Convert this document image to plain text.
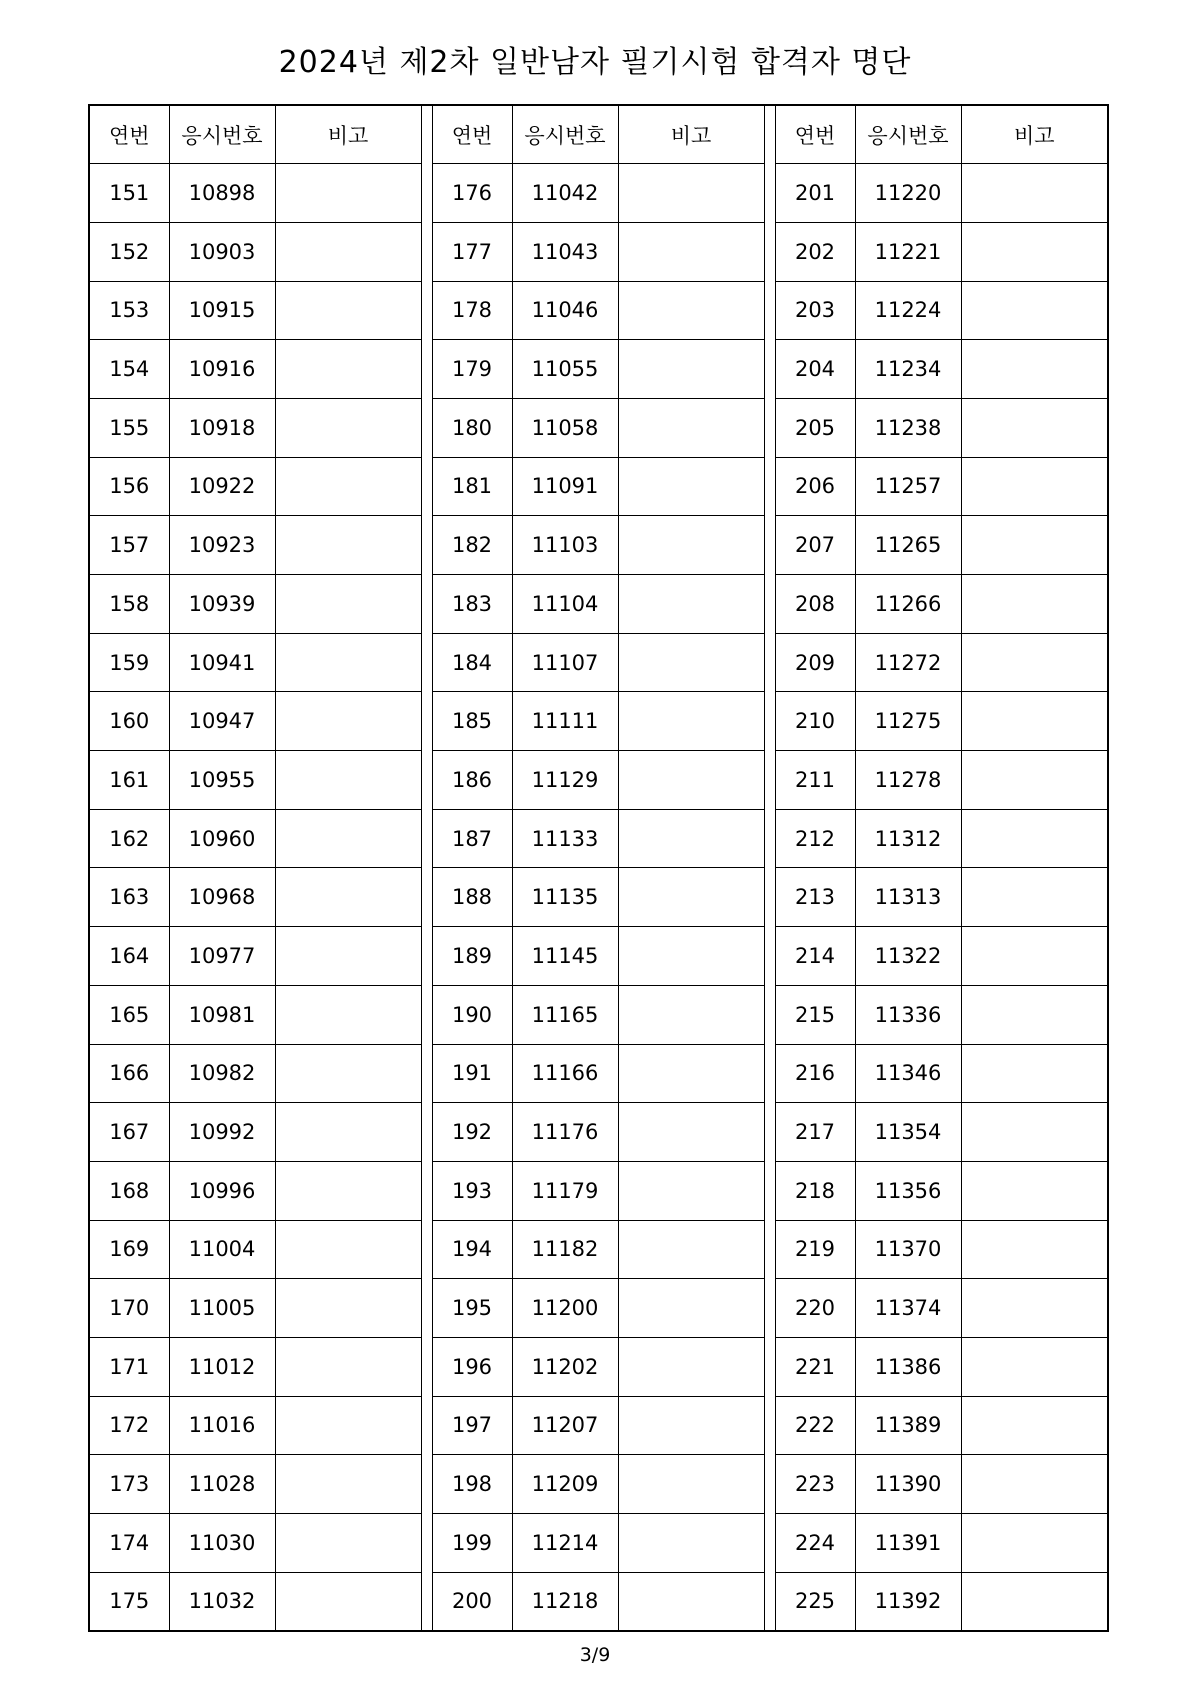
2024년 제2차 일반남자 필기시험 합격자 명단
연번	응시번호	비고		연번	응시번호	비고		연번	응시번호	비고
151	10898			176	11042			201	11220	
152	10903			177	11043			202	11221	
153	10915			178	11046			203	11224	
154	10916			179	11055			204	11234	
155	10918			180	11058			205	11238	
156	10922			181	11091			206	11257	
157	10923			182	11103			207	11265	
158	10939			183	11104			208	11266	
159	10941			184	11107			209	11272	
160	10947			185	11111			210	11275	
161	10955			186	11129			211	11278	
162	10960			187	11133			212	11312	
163	10968			188	11135			213	11313	
164	10977			189	11145			214	11322	
165	10981			190	11165			215	11336	
166	10982			191	11166			216	11346	
167	10992			192	11176			217	11354	
168	10996			193	11179			218	11356	
169	11004			194	11182			219	11370	
170	11005			195	11200			220	11374	
171	11012			196	11202			221	11386	
172	11016			197	11207			222	11389	
173	11028			198	11209			223	11390	
174	11030			199	11214			224	11391	
175	11032			200	11218			225	11392	
3/9
